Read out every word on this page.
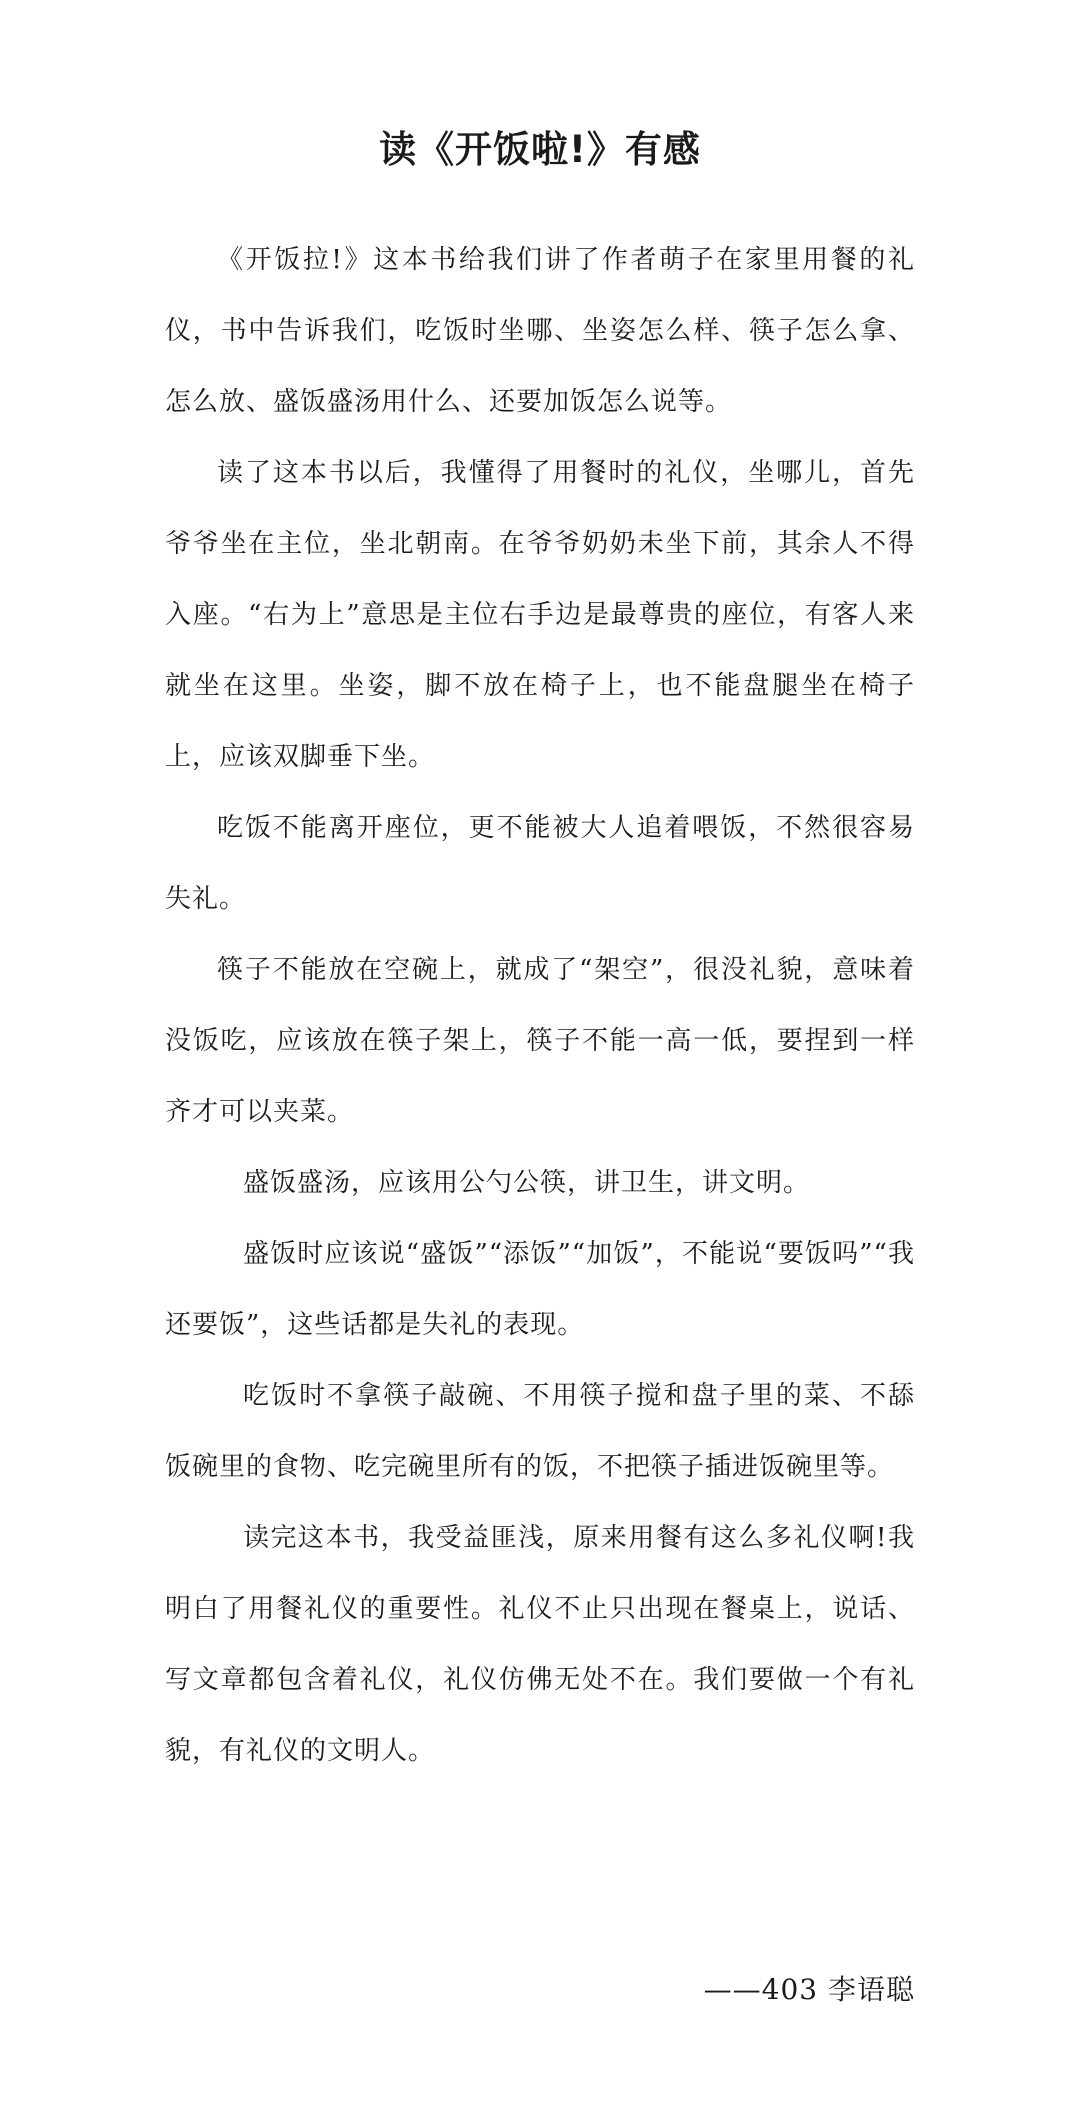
读《开饭啦!》有感

《开饭拉!》这本书给我们讲了作者萌子在家里用餐的礼仪，书中告诉我们，吃饭时坐哪、坐姿怎么样、筷子怎么拿、怎么放、盛饭盛汤用什么、还要加饭怎么说等。

读了这本书以后，我懂得了用餐时的礼仪，坐哪儿，首先爷爷坐在主位，坐北朝南。在爷爷奶奶未坐下前，其余人不得入座。“右为上”意思是主位右手边是最尊贵的座位，有客人来就坐在这里。坐姿，脚不放在椅子上，也不能盘腿坐在椅子上，应该双脚垂下坐。

吃饭不能离开座位，更不能被大人追着喂饭，不然很容易失礼。

筷子不能放在空碗上，就成了“架空”，很没礼貌，意味着没饭吃，应该放在筷子架上，筷子不能一高一低，要捏到一样齐才可以夹菜。

盛饭盛汤，应该用公勺公筷，讲卫生，讲文明。

盛饭时应该说“盛饭”“添饭”“加饭”，不能说“要饭吗”“我还要饭”，这些话都是失礼的表现。

吃饭时不拿筷子敲碗、不用筷子搅和盘子里的菜、不舔饭碗里的食物、吃完碗里所有的饭，不把筷子插进饭碗里等。

读完这本书，我受益匪浅，原来用餐有这么多礼仪啊!我明白了用餐礼仪的重要性。礼仪不止只出现在餐桌上，说话、写文章都包含着礼仪，礼仪仿佛无处不在。我们要做一个有礼貌，有礼仪的文明人。

——403 李语聪
